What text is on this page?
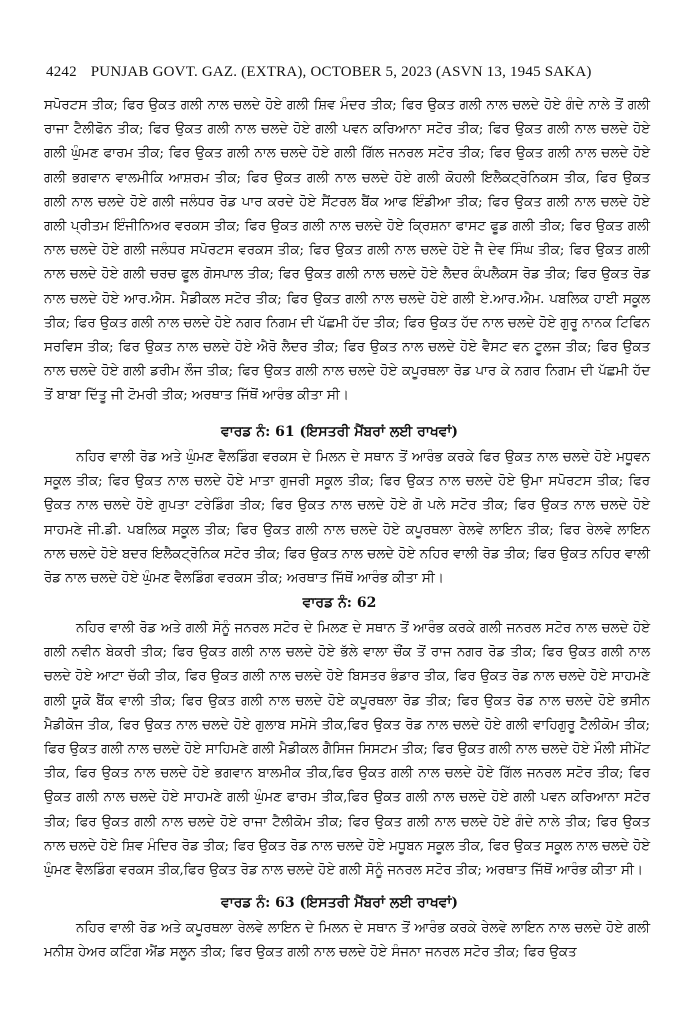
4242 PUNJAB GOVT. GAZ. (EXTRA), OCTOBER 5, 2023 (ASVN 13, 1945 SAKA)

ਸਪੋਰਟਸ ਤੀਕ; ਫਿਰ ਉਕਤ ਗਲੀ ਨਾਲ ਚਲਦੇ ਹੋਏ ਗਲੀ ਸ਼ਿਵ ਮੰਦਰ ਤੀਕ; ਫਿਰ ਉਕਤ ਗਲੀ ਨਾਲ ਚਲਦੇ ਹੋਏ ਗੰਦੇ ਨਾਲੇ ਤੋਂ ਗਲੀ ਰਾਜਾ ਟੈਲੀਫੋਨ ਤੀਕ; ਫਿਰ ਉਕਤ ਗਲੀ ਨਾਲ ਚਲਦੇ ਹੋਏ ਗਲੀ ਪਵਨ ਕਰਿਆਨਾ ਸਟੋਰ ਤੀਕ; ਫਿਰ ਉਕਤ ਗਲੀ ਨਾਲ ਚਲਦੇ ਹੋਏ ਗਲੀ ਘੁੰਮਣ ਫਾਰਮ ਤੀਕ; ਫਿਰ ਉਕਤ ਗਲੀ ਨਾਲ ਚਲਦੇ ਹੋਏ ਗਲੀ ਗਿੱਲ ਜਨਰਲ ਸਟੋਰ ਤੀਕ; ਫਿਰ ਉਕਤ ਗਲੀ ਨਾਲ ਚਲਦੇ ਹੋਏ ਗਲੀ ਭਗਵਾਨ ਵਾਲਮੀਕਿ ਆਸ਼ਰਮ ਤੀਕ; ਫਿਰ ਉਕਤ ਗਲੀ ਨਾਲ ਚਲਦੇ ਹੋਏ ਗਲੀ ਕੋਹਲੀ ਇਲੈਕਟ੍ਰੋਨਿਕਸ ਤੀਕ, ਫਿਰ ਉਕਤ ਗਲੀ ਨਾਲ ਚਲਦੇ ਹੋਏ ਗਲੀ ਜਲੰਧਰ ਰੋਡ ਪਾਰ ਕਰਦੇ ਹੋਏ ਸੈਂਟਰਲ ਬੈਂਕ ਆਫ ਇੰਡੀਆ ਤੀਕ; ਫਿਰ ਉਕਤ ਗਲੀ ਨਾਲ ਚਲਦੇ ਹੋਏ ਗਲੀ ਪ੍ਰੀਤਮ ਇੰਜੀਨਿਅਰ ਵਰਕਸ ਤੀਕ; ਫਿਰ ਉਕਤ ਗਲੀ ਨਾਲ ਚਲਦੇ ਹੋਏ ਕ੍ਰਿਸ਼ਨਾ ਫਾਸਟ ਫੂਡ ਗਲੀ ਤੀਕ; ਫਿਰ ਉਕਤ ਗਲੀ ਨਾਲ ਚਲਦੇ ਹੋਏ ਗਲੀ ਜਲੰਧਰ ਸਪੋਰਟਸ ਵਰਕਸ ਤੀਕ; ਫਿਰ ਉਕਤ ਗਲੀ ਨਾਲ ਚਲਦੇ ਹੋਏ ਜੈ ਦੇਵ ਸਿੰਘ ਤੀਕ; ਫਿਰ ਉਕਤ ਗਲੀ ਨਾਲ ਚਲਦੇ ਹੋਏ ਗਲੀ ਚਰਚ ਫੂਲ ਗੋਸਪਾਲ ਤੀਕ; ਫਿਰ ਉਕਤ ਗਲੀ ਨਾਲ ਚਲਦੇ ਹੋਏ ਲੈਦਰ ਕੰਪਲੈਕਸ ਰੋਡ ਤੀਕ; ਫਿਰ ਉਕਤ ਰੋਡ ਨਾਲ ਚਲਦੇ ਹੋਏ ਆਰ.ਐਸ. ਮੈਡੀਕਲ ਸਟੋਰ ਤੀਕ; ਫਿਰ ਉਕਤ ਗਲੀ ਨਾਲ ਚਲਦੇ ਹੋਏ ਗਲੀ ਏ.ਆਰ.ਐਮ. ਪਬਲਿਕ ਹਾਈ ਸਕੂਲ ਤੀਕ; ਫਿਰ ਉਕਤ ਗਲੀ ਨਾਲ ਚਲਦੇ ਹੋਏ ਨਗਰ ਨਿਗਮ ਦੀ ਪੱਛਮੀ ਹੱਦ ਤੀਕ; ਫਿਰ ਉਕਤ ਹੱਦ ਨਾਲ ਚਲਦੇ ਹੋਏ ਗੁਰੂ ਨਾਨਕ ਟਿਫਿਨ ਸਰਵਿਸ ਤੀਕ; ਫਿਰ ਉਕਤ ਨਾਲ ਚਲਦੇ ਹੋਏ ਐਰੋ ਲੈਦਰ ਤੀਕ; ਫਿਰ ਉਕਤ ਨਾਲ ਚਲਦੇ ਹੋਏ ਵੈਸਟ ਵਨ ਟੂਲਜ ਤੀਕ; ਫਿਰ ਉਕਤ ਨਾਲ ਚਲਦੇ ਹੋਏ ਗਲੀ ਡਰੀਮ ਲੌਜ ਤੀਕ; ਫਿਰ ਉਕਤ ਗਲੀ ਨਾਲ ਚਲਦੇ ਹੋਏ ਕਪੂਰਥਲਾ ਰੋਡ ਪਾਰ ਕੇ ਨਗਰ ਨਿਗਮ ਦੀ ਪੱਛਮੀ ਹੱਦ ਤੋਂ ਬਾਬਾ ਦਿੱਤੂ ਜੀ ਟੋਮਰੀ ਤੀਕ; ਅਰਥਾਤ ਜਿੱਥੋਂ ਆਰੰਭ ਕੀਤਾ ਸੀ।

ਵਾਰਡ ਨੰ: 61 (ਇਸਤਰੀ ਮੈਂਬਰਾਂ ਲਈ ਰਾਖਵਾਂ)

ਨਹਿਰ ਵਾਲੀ ਰੋਡ ਅਤੇ ਘੁੰਮਣ ਵੈਲਡਿੰਗ ਵਰਕਸ ਦੇ ਮਿਲਨ ਦੇ ਸਥਾਨ ਤੋਂ ਆਰੰਭ ਕਰਕੇ ਫਿਰ ਉਕਤ ਨਾਲ ਚਲਦੇ ਹੋਏ ਮਧੂਵਨ ਸਕੂਲ ਤੀਕ; ਫਿਰ ਉਕਤ ਨਾਲ ਚਲਦੇ ਹੋਏ ਮਾਤਾ ਗੁਜਰੀ ਸਕੂਲ ਤੀਕ; ਫਿਰ ਉਕਤ ਨਾਲ ਚਲਦੇ ਹੋਏ ਉਮਾ ਸਪੋਰਟਸ ਤੀਕ; ਫਿਰ ਉਕਤ ਨਾਲ ਚਲਦੇ ਹੋਏ ਗੁਪਤਾ ਟਰੇਡਿੰਗ ਤੀਕ; ਫਿਰ ਉਕਤ ਨਾਲ ਚਲਦੇ ਹੋਏ ਗੋ ਪਲੇ ਸਟੋਰ ਤੀਕ; ਫਿਰ ਉਕਤ ਨਾਲ ਚਲਦੇ ਹੋਏ ਸਾਹਮਣੇ ਜੀ.ਡੀ. ਪਬਲਿਕ ਸਕੂਲ ਤੀਕ; ਫਿਰ ਉਕਤ ਗਲੀ ਨਾਲ ਚਲਦੇ ਹੋਏ ਕਪੂਰਥਲਾ ਰੇਲਵੇ ਲਾਇਨ ਤੀਕ; ਫਿਰ ਰੇਲਵੇ ਲਾਇਨ ਨਾਲ ਚਲਦੇ ਹੋਏ ਬਦਰ ਇਲੈਕਟ੍ਰੋਨਿਕ ਸਟੋਰ ਤੀਕ; ਫਿਰ ਉਕਤ ਨਾਲ ਚਲਦੇ ਹੋਏ ਨਹਿਰ ਵਾਲੀ ਰੋਡ ਤੀਕ; ਫਿਰ ਉਕਤ ਨਹਿਰ ਵਾਲੀ ਰੋਡ ਨਾਲ ਚਲਦੇ ਹੋਏ ਘੁੰਮਣ ਵੈਲਡਿੰਗ ਵਰਕਸ ਤੀਕ; ਅਰਥਾਤ ਜਿੱਥੋਂ ਆਰੰਭ ਕੀਤਾ ਸੀ।

ਵਾਰਡ ਨੰ: 62

ਨਹਿਰ ਵਾਲੀ ਰੋਡ ਅਤੇ ਗਲੀ ਸੋਨੂੰ ਜਨਰਲ ਸਟੋਰ ਦੇ ਮਿਲਣ ਦੇ ਸਥਾਨ ਤੋਂ ਆਰੰਭ ਕਰਕੇ ਗਲੀ ਜਨਰਲ ਸਟੋਰ ਨਾਲ ਚਲਦੇ ਹੋਏ ਗਲੀ ਨਵੀਨ ਬੇਕਰੀ ਤੀਕ; ਫਿਰ ਉਕਤ ਗਲੀ ਨਾਲ ਚਲਦੇ ਹੋਏ ਭੱਲੇ ਵਾਲਾ ਚੌਂਕ ਤੋਂ ਰਾਜ ਨਗਰ ਰੋਡ ਤੀਕ; ਫਿਰ ਉਕਤ ਗਲੀ ਨਾਲ ਚਲਦੇ ਹੋਏ ਆਟਾ ਚੱਕੀ ਤੀਕ, ਫਿਰ ਉਕਤ ਗਲੀ ਨਾਲ ਚਲਦੇ ਹੋਏ ਬਿਸਤਰ ਭੰਡਾਰ ਤੀਕ, ਫਿਰ ਉਕਤ ਰੋਡ ਨਾਲ ਚਲਦੇ ਹੋਏ ਸਾਹਮਣੇ ਗਲੀ ਯੂਕੋ ਬੈਂਕ ਵਾਲੀ ਤੀਕ; ਫਿਰ ਉਕਤ ਗਲੀ ਨਾਲ ਚਲਦੇ ਹੋਏ ਕਪੂਰਥਲਾ ਰੋਡ ਤੀਕ; ਫਿਰ ਉਕਤ ਰੋਡ ਨਾਲ ਚਲਦੇ ਹੋਏ ਭਸੀਨ ਮੈਡੀਕੋਜ ਤੀਕ, ਫਿਰ ਉਕਤ ਨਾਲ ਚਲਦੇ ਹੋਏ ਗੁਲਾਬ ਸਮੋਸੇ ਤੀਕ,ਫਿਰ ਉਕਤ ਰੋਡ ਨਾਲ ਚਲਦੇ ਹੋਏ ਗਲੀ ਵਾਹਿਗੁਰੂ ਟੈਲੀਕੋਮ ਤੀਕ; ਫਿਰ ਉਕਤ ਗਲੀ ਨਾਲ ਚਲਦੇ ਹੋਏ ਸਾਹਿਮਣੇ ਗਲੀ ਮੈਡੀਕਲ ਗੈਸਿਜ ਸਿਸਟਮ ਤੀਕ; ਫਿਰ ਉਕਤ ਗਲੀ ਨਾਲ ਚਲਦੇ ਹੋਏ ਮੌਲੀ ਸੀਮੇਂਟ ਤੀਕ, ਫਿਰ ਉਕਤ ਨਾਲ ਚਲਦੇ ਹੋਏ ਭਗਵਾਨ ਬਾਲਮੀਕ ਤੀਕ,ਫਿਰ ਉਕਤ ਗਲੀ ਨਾਲ ਚਲਦੇ ਹੋਏ ਗਿੱਲ ਜਨਰਲ ਸਟੋਰ ਤੀਕ; ਫਿਰ ਉਕਤ ਗਲੀ ਨਾਲ ਚਲਦੇ ਹੋਏ ਸਾਹਮਣੇ ਗਲੀ ਘੁੰਮਣ ਫਾਰਮ ਤੀਕ,ਫਿਰ ਉਕਤ ਗਲੀ ਨਾਲ ਚਲਦੇ ਹੋਏ ਗਲੀ ਪਵਨ ਕਰਿਆਨਾ ਸਟੋਰ ਤੀਕ; ਫਿਰ ਉਕਤ ਗਲੀ ਨਾਲ ਚਲਦੇ ਹੋਏ ਰਾਜਾ ਟੈਲੀਕੋਮ ਤੀਕ; ਫਿਰ ਉਕਤ ਗਲੀ ਨਾਲ ਚਲਦੇ ਹੋਏ ਗੰਦੇ ਨਾਲੇ ਤੀਕ; ਫਿਰ ਉਕਤ ਨਾਲ ਚਲਦੇ ਹੋਏ ਸ਼ਿਵ ਮੰਦਿਰ ਰੋਡ ਤੀਕ; ਫਿਰ ਉਕਤ ਰੋਡ ਨਾਲ ਚਲਦੇ ਹੋਏ ਮਧੂਬਨ ਸਕੂਲ ਤੀਕ, ਫਿਰ ਉਕਤ ਸਕੂਲ ਨਾਲ ਚਲਦੇ ਹੋਏ ਘੁੰਮਣ ਵੈਲਡਿੰਗ ਵਰਕਸ ਤੀਕ,ਫਿਰ ਉਕਤ ਰੋਡ ਨਾਲ ਚਲਦੇ ਹੋਏ ਗਲੀ ਸੋਨੂੰ ਜਨਰਲ ਸਟੋਰ ਤੀਕ; ਅਰਥਾਤ ਜਿੱਥੋਂ ਆਰੰਭ ਕੀਤਾ ਸੀ।

ਵਾਰਡ ਨੰ: 63 (ਇਸਤਰੀ ਮੈਂਬਰਾਂ ਲਈ ਰਾਖਵਾਂ)

ਨਹਿਰ ਵਾਲੀ ਰੋਡ ਅਤੇ ਕਪੂਰਥਲਾ ਰੇਲਵੇ ਲਾਇਨ ਦੇ ਮਿਲਨ ਦੇ ਸਥਾਨ ਤੋਂ ਆਰੰਭ ਕਰਕੇ ਰੇਲਵੇ ਲਾਇਨ ਨਾਲ ਚਲਦੇ ਹੋਏ ਗਲੀ ਮਨੀਸ਼ ਹੇਅਰ ਕਟਿੰਗ ਐਂਡ ਸਲੂਨ ਤੀਕ; ਫਿਰ ਉਕਤ ਗਲੀ ਨਾਲ ਚਲਦੇ ਹੋਏ ਸੰਜਨਾ ਜਨਰਲ ਸਟੋਰ ਤੀਕ; ਫਿਰ ਉਕਤ
